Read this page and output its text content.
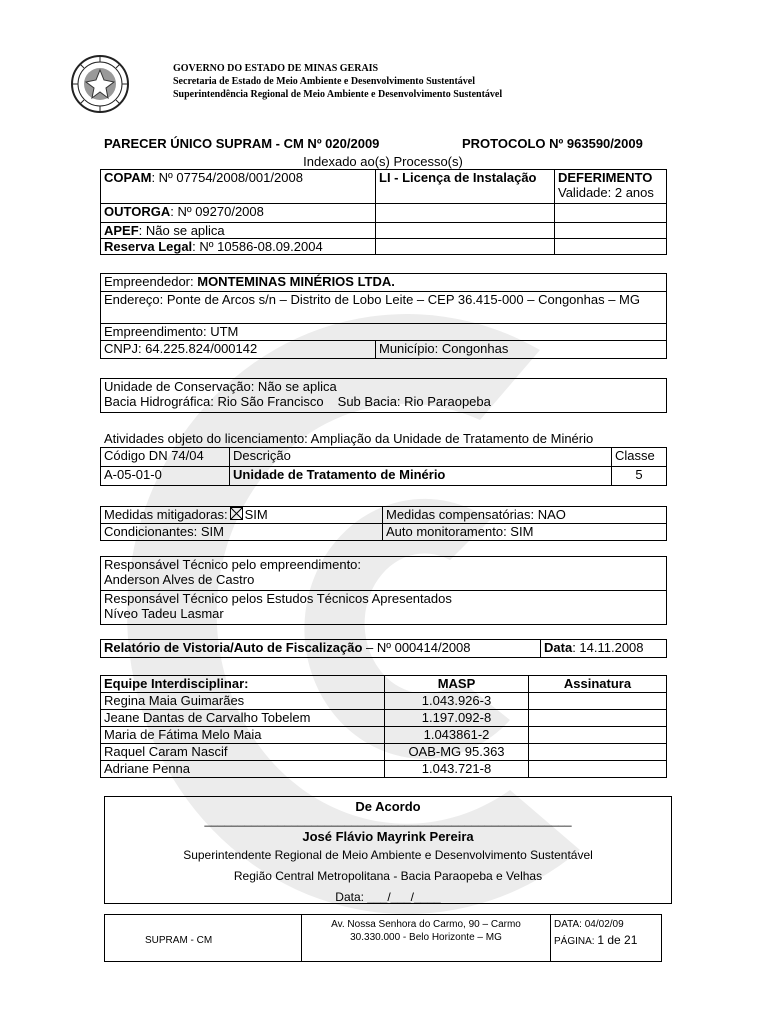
GOVERNO DO ESTADO DE MINAS GERAIS
Secretaria de Estado de Meio Ambiente e Desenvolvimento Sustentável
Superintendência Regional de Meio Ambiente e Desenvolvimento Sustentável
PARECER ÚNICO SUPRAM - CM Nº 020/2009	PROTOCOLO Nº 963590/2009
Indexado ao(s) Processo(s)
COPAM: Nº 07754/2008/001/2008	LI - Licença de Instalação	DEFERIMENTO
Validade: 2 anos

OUTORGA: Nº 09270/2008		
APEF: Não se aplica		
Reserva Legal: Nº 10586-08.09.2004		
Empreendedor: MONTEMINAS MINÉRIOS LTDA.
Endereço: Ponte de Arcos s/n – Distrito de Lobo Leite – CEP 36.415-000 – Congonhas – MG
Empreendimento: UTM
CNPJ: 64.225.824/000142	Município: Congonhas
Unidade de Conservação: Não se aplica
Bacia Hidrográfica: Rio São Francisco Sub Bacia: Rio Paraopeba
Atividades objeto do licenciamento: Ampliação da Unidade de Tratamento de Minério
Código DN 74/04	Descrição	Classe
A-05-01-0	Unidade de Tratamento de Minério	5
Medidas mitigadoras: SIM	Medidas compensatórias: NAO
Condicionantes: SIM	Auto monitoramento: SIM
Responsável Técnico pelo empreendimento:
Anderson Alves de Castro

Responsável Técnico pelos Estudos Técnicos Apresentados
Níveo Tadeu Lasmar
Relatório de Vistoria/Auto de Fiscalização – Nº 000414/2008	Data: 14.11.2008
Equipe Interdisciplinar:	MASP	Assinatura
Regina Maia Guimarães	1.043.926-3	
Jeane Dantas de Carvalho Tobelem	1.197.092-8	
Maria de Fátima Melo Maia	1.043861-2	
Raquel Caram Nascif	OAB-MG 95.363	
Adriane Penna	1.043.721-8	
De Acordo
_______________________________________________________
José Flávio Mayrink Pereira
Superintendente Regional de Meio Ambiente e Desenvolvimento Sustentável
Região Central Metropolitana - Bacia Paraopeba e Velhas
Data: ___/___/____
SUPRAM - CM
Av. Nossa Senhora do Carmo, 90 – Carmo
30.330.000 - Belo Horizonte – MG
DATA: 04/02/09
PÁGINA: 1 de 21
